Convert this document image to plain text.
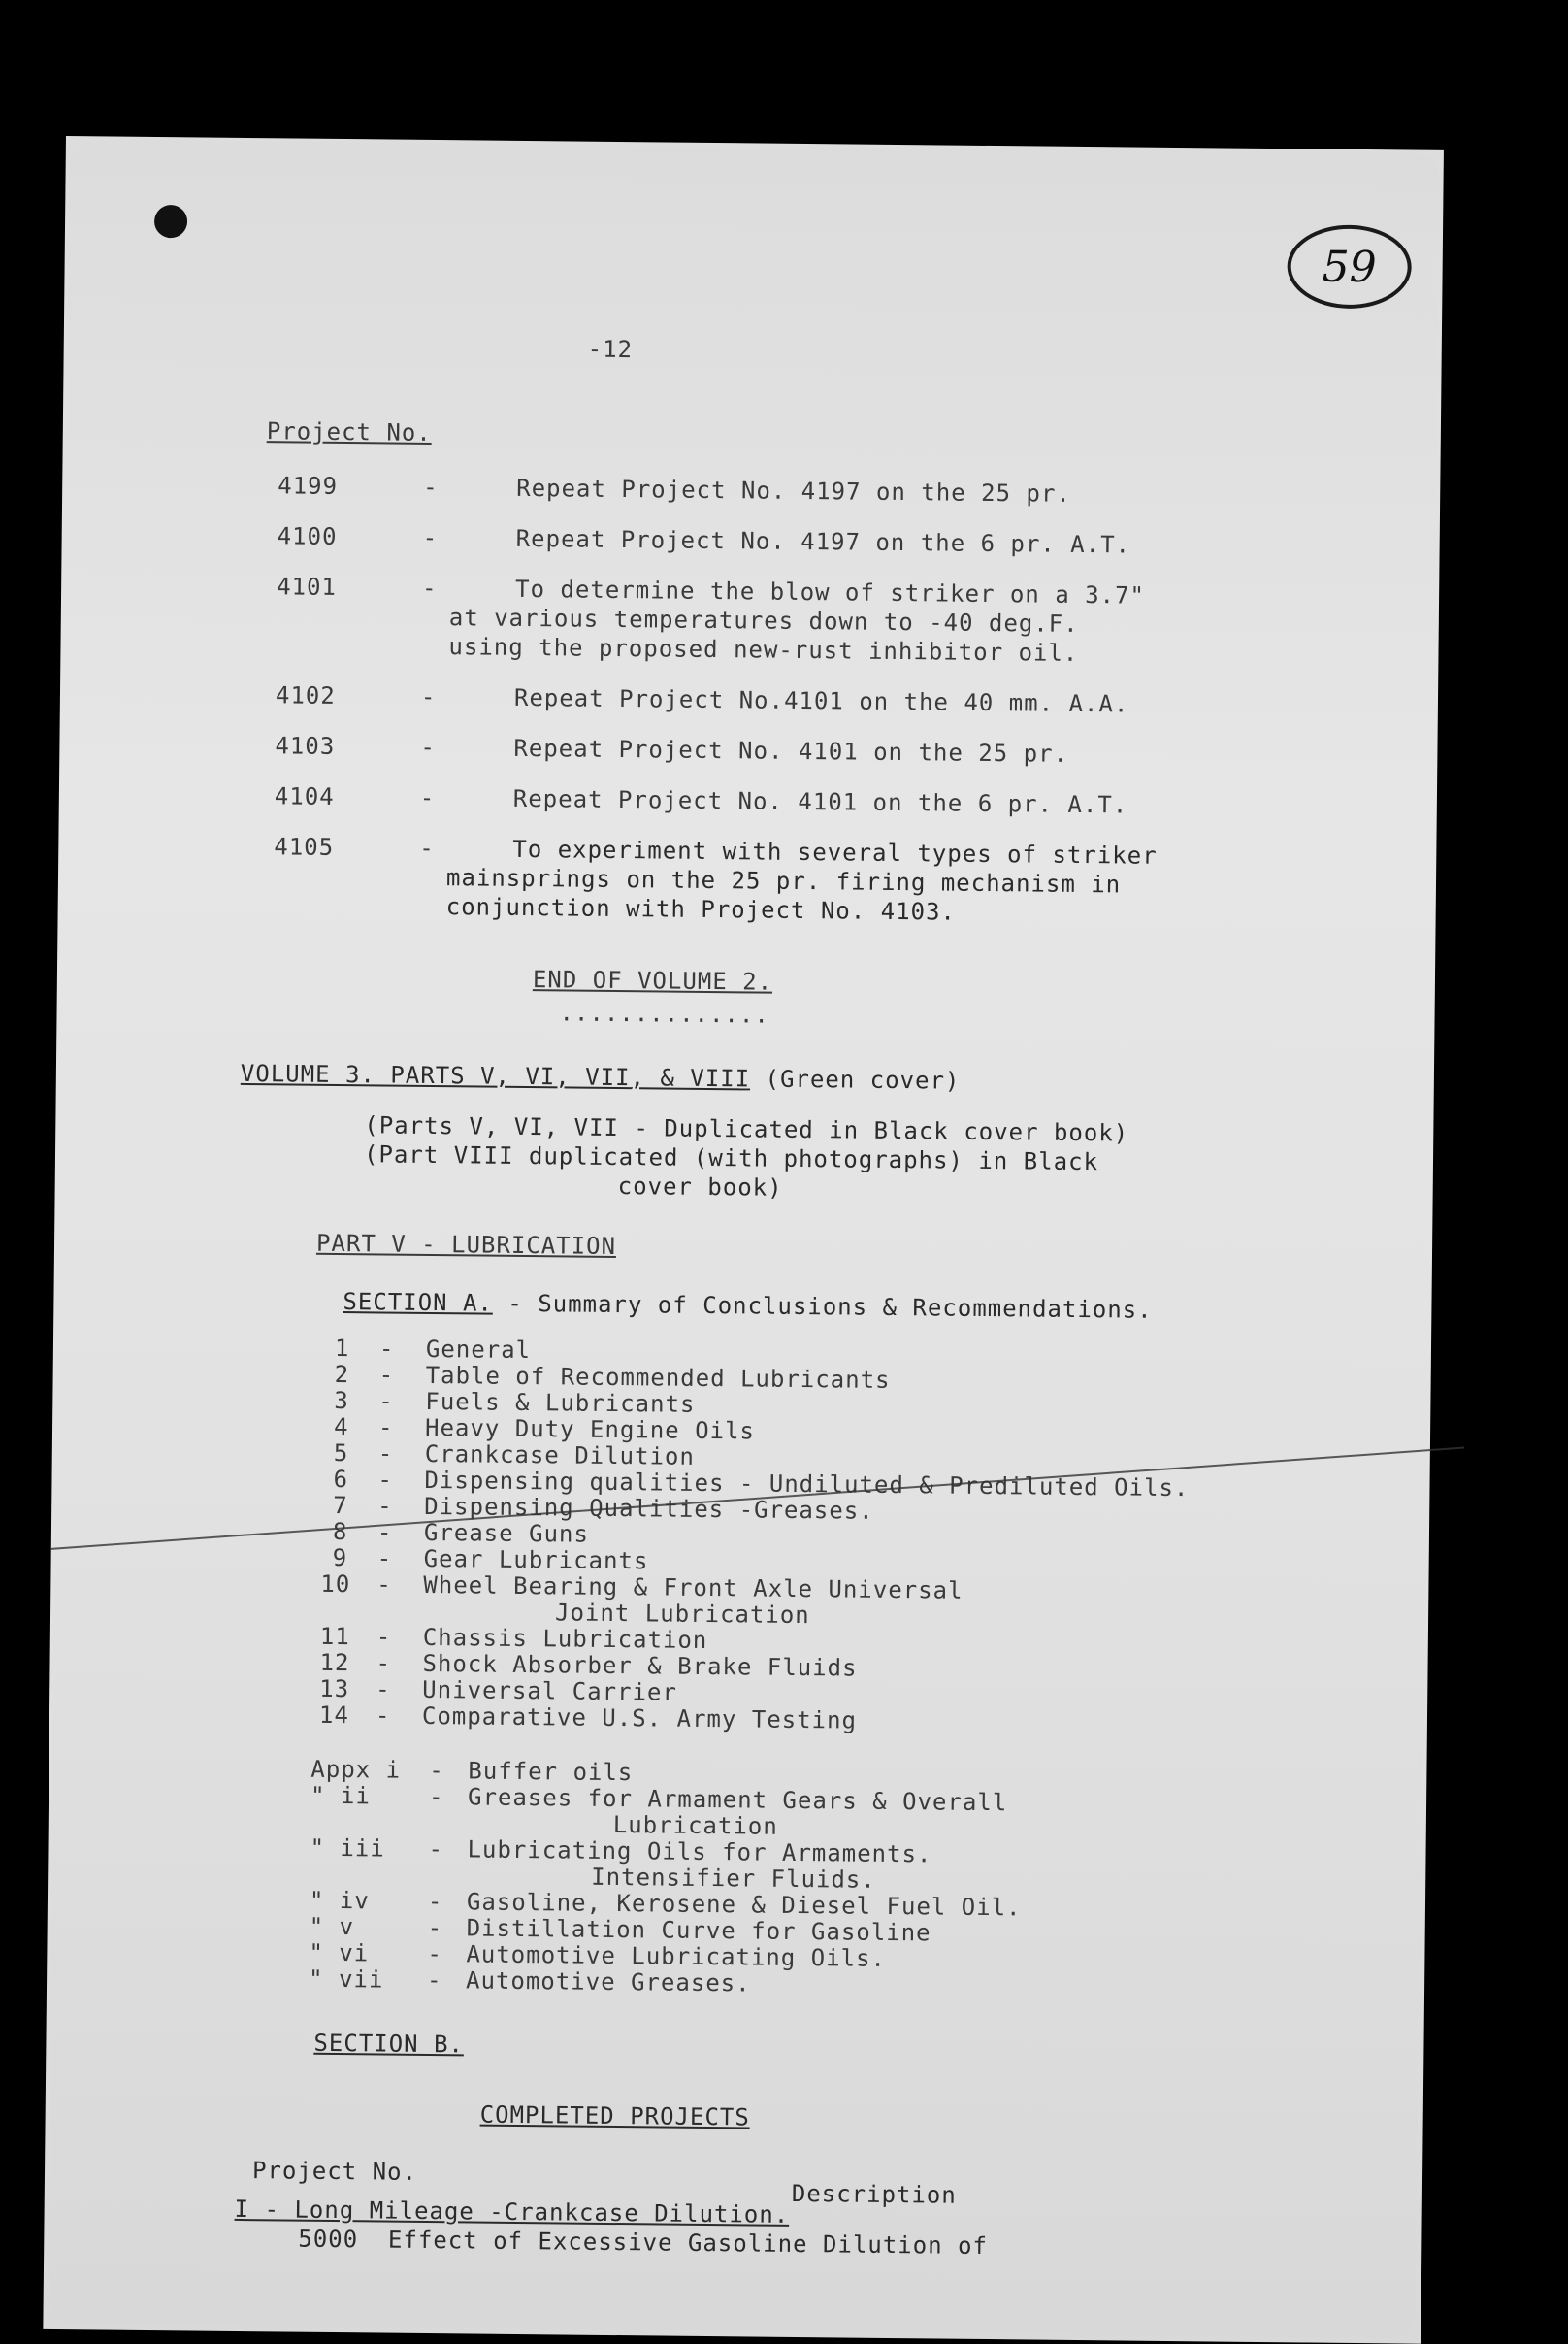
59
-12
Project No.
4199	-	Repeat Project No. 4197 on the 25 pr.
4100	-	Repeat Project No. 4197 on the 6 pr. A.T.
4101	-	To determine the blow of striker on a 3.7"
at various temperatures down to -40 deg.F.
using the proposed new-rust inhibitor oil.
4102	-	Repeat Project No.4101 on the 40 mm. A.A.
4103	-	Repeat Project No. 4101 on the 25 pr.
4104	-	Repeat Project No. 4101 on the 6 pr. A.T.
4105	-	To experiment with several types of striker
mainsprings on the 25 pr. firing mechanism in
conjunction with Project No. 4103.
END OF VOLUME 2.
..............
VOLUME 3. PARTS V, VI, VII, & VIII (Green cover)
(Parts V, VI, VII - Duplicated in Black cover book)
(Part VIII duplicated (with photographs) in Black
cover book)
PART V - LUBRICATION
SECTION A. - Summary of Conclusions & Recommendations.
1 - General
2 - Table of Recommended Lubricants
3 - Fuels & Lubricants
4 - Heavy Duty Engine Oils
5 - Crankcase Dilution
6 - Dispensing qualities - Undiluted & Prediluted Oils.
7 - Dispensing Qualities -Greases.
8 - Grease Guns
9 - Gear Lubricants
10 - Wheel Bearing & Front Axle Universal
Joint Lubrication
11 - Chassis Lubrication
12 - Shock Absorber & Brake Fluids
13 - Universal Carrier
14 - Comparative U.S. Army Testing
Appx i - Buffer oils
" ii - Greases for Armament Gears & Overall
Lubrication
" iii - Lubricating Oils for Armaments.
Intensifier Fluids.
" iv - Gasoline, Kerosene & Diesel Fuel Oil.
" v	- Distillation Curve for Gasoline
" vi - Automotive Lubricating Oils.
" vii - Automotive Greases.
SECTION B.
COMPLETED PROJECTS
Project No.
Description
I - Long Mileage -Crankcase Dilution.
5000  Effect of Excessive Gasoline Dilution of
